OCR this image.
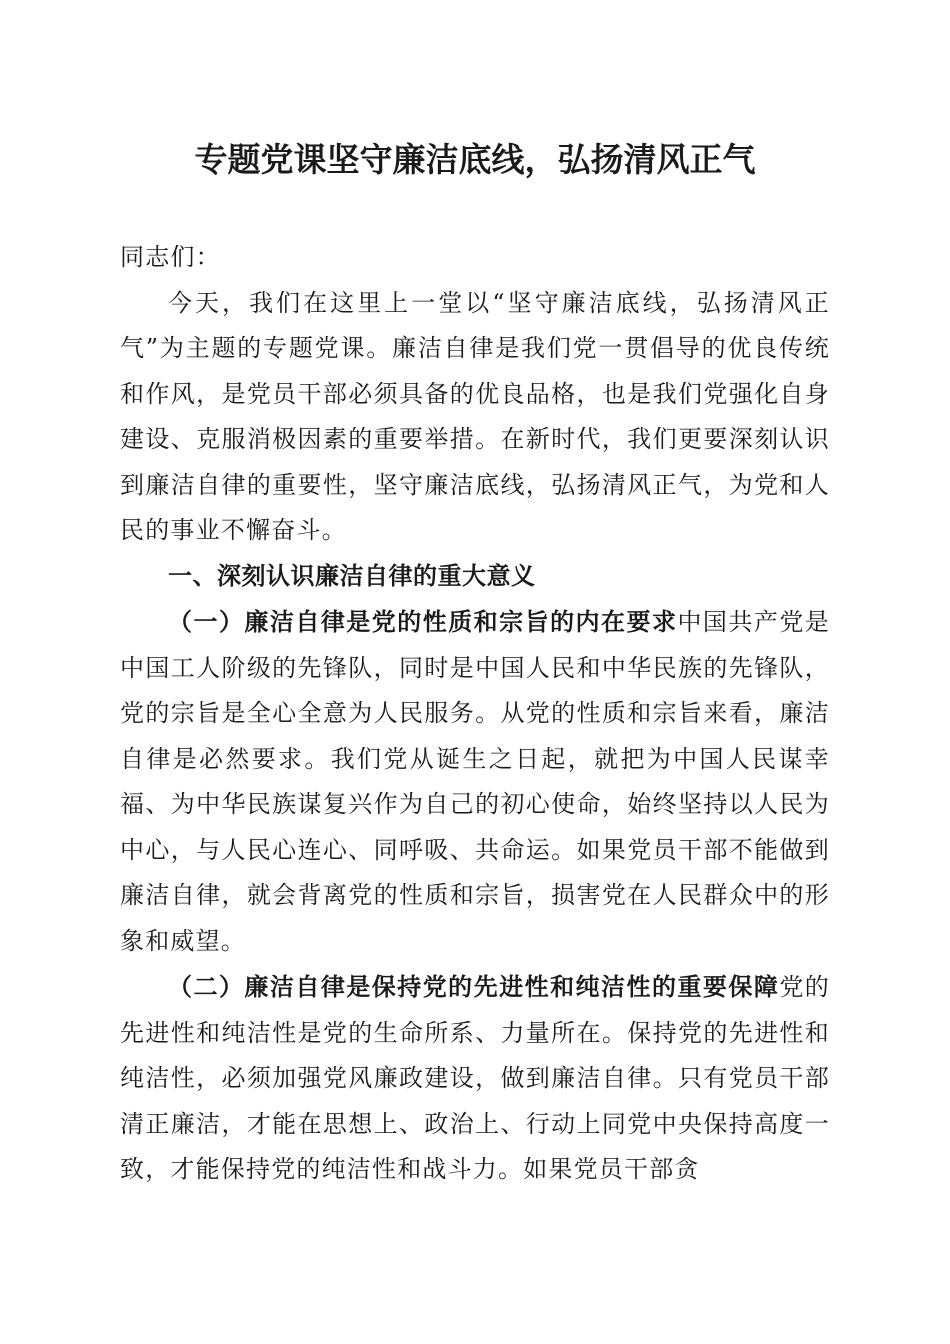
专题党课坚守廉洁底线，弘扬清风正气

同志们：

今天，我们在这里上一堂以“坚守廉洁底线，弘扬清风正气”为主题的专题党课。廉洁自律是我们党一贯倡导的优良传统和作风，是党员干部必须具备的优良品格，也是我们党强化自身建设、克服消极因素的重要举措。在新时代，我们更要深刻认识到廉洁自律的重要性，坚守廉洁底线，弘扬清风正气，为党和人民的事业不懈奋斗。

一、深刻认识廉洁自律的重大意义

（一）廉洁自律是党的性质和宗旨的内在要求中国共产党是中国工人阶级的先锋队，同时是中国人民和中华民族的先锋队，党的宗旨是全心全意为人民服务。从党的性质和宗旨来看，廉洁自律是必然要求。我们党从诞生之日起，就把为中国人民谋幸福、为中华民族谋复兴作为自己的初心使命，始终坚持以人民为中心，与人民心连心、同呼吸、共命运。如果党员干部不能做到廉洁自律，就会背离党的性质和宗旨，损害党在人民群众中的形象和威望。

（二）廉洁自律是保持党的先进性和纯洁性的重要保障党的先进性和纯洁性是党的生命所系、力量所在。保持党的先进性和纯洁性，必须加强党风廉政建设，做到廉洁自律。只有党员干部清正廉洁，才能在思想上、政治上、行动上同党中央保持高度一致，才能保持党的纯洁性和战斗力。如果党员干部贪
